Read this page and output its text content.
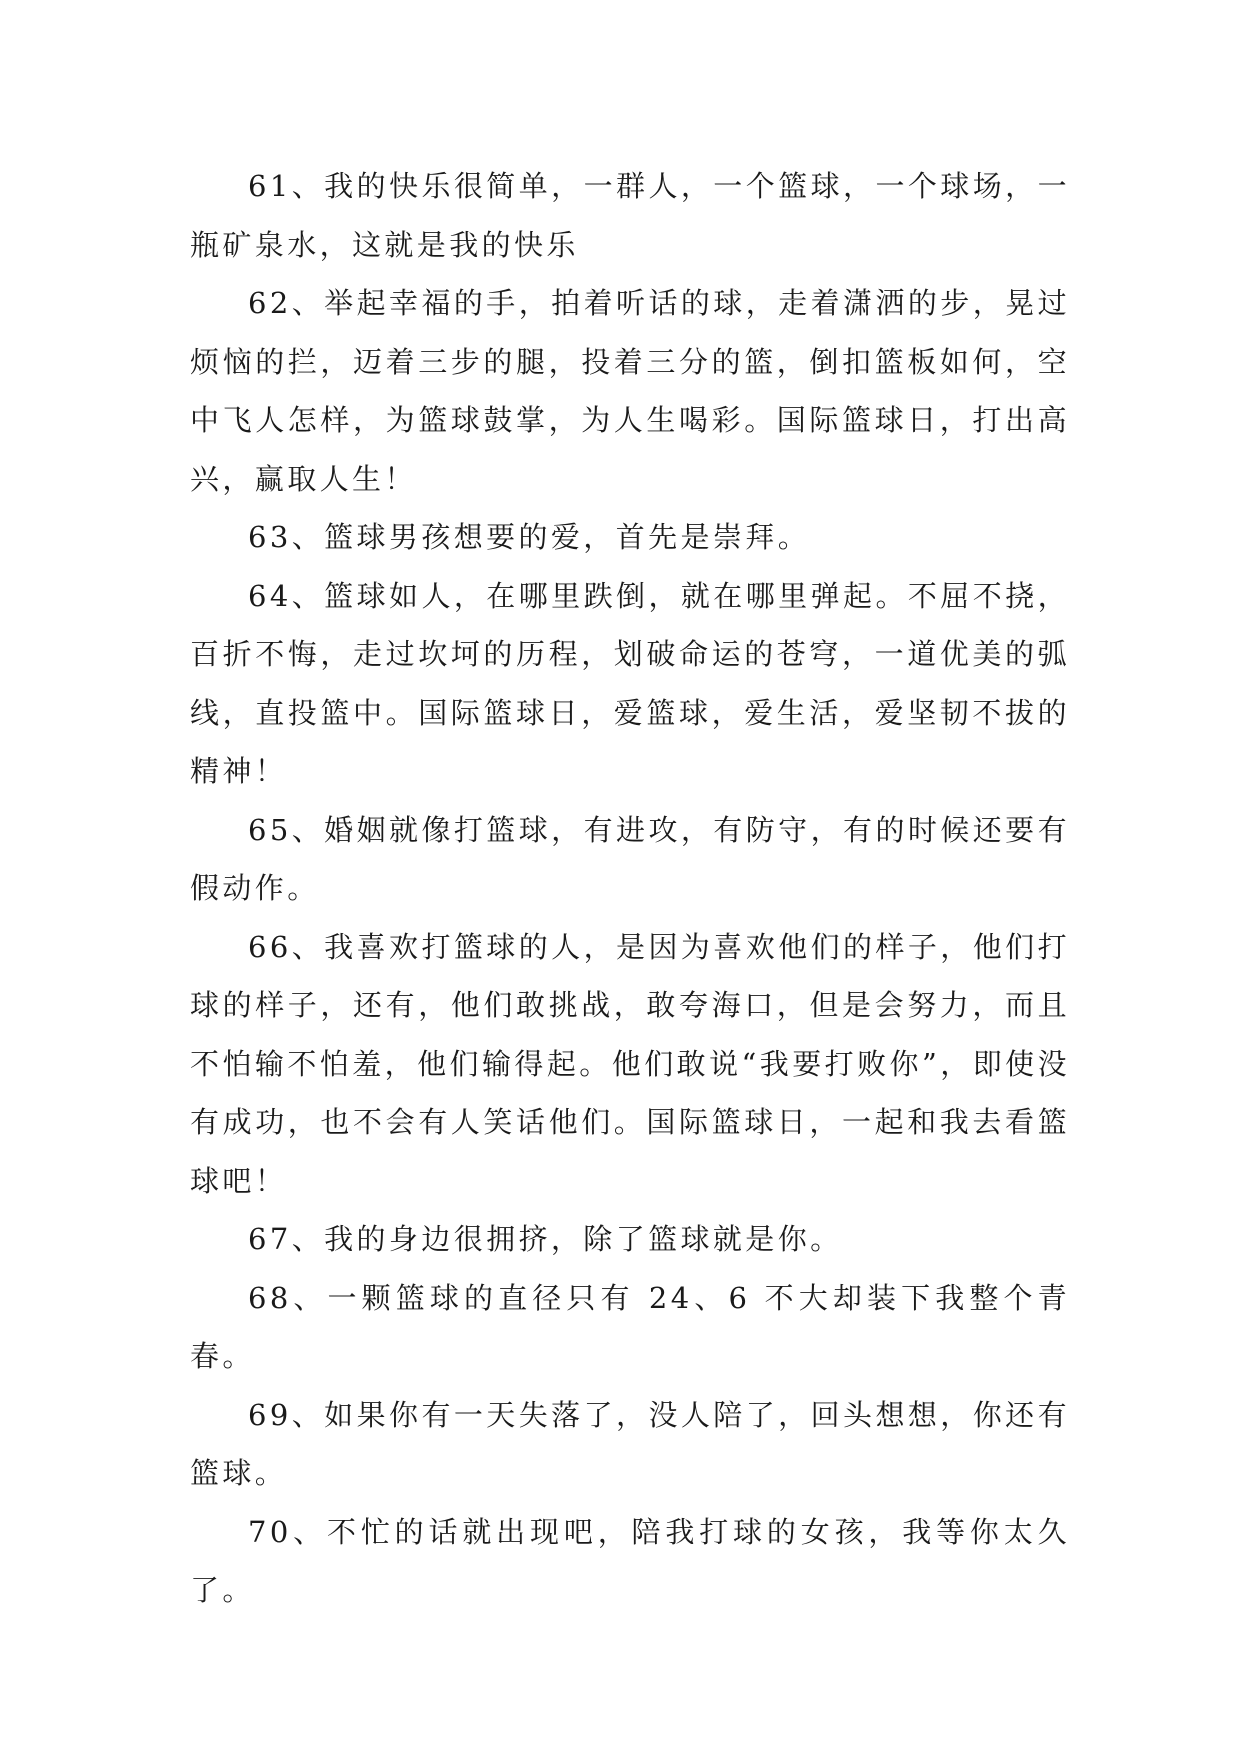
61、我的快乐很简单，一群人，一个篮球，一个球场，一瓶矿泉水，这就是我的快乐

62、举起幸福的手，拍着听话的球，走着潇洒的步，晃过烦恼的拦，迈着三步的腿，投着三分的篮，倒扣篮板如何，空中飞人怎样，为篮球鼓掌，为人生喝彩。国际篮球日，打出高兴，赢取人生！

63、篮球男孩想要的爱，首先是崇拜。

64、篮球如人，在哪里跌倒，就在哪里弹起。不屈不挠，百折不悔，走过坎坷的历程，划破命运的苍穹，一道优美的弧线，直投篮中。国际篮球日，爱篮球，爱生活，爱坚韧不拔的精神！

65、婚姻就像打篮球，有进攻，有防守，有的时候还要有假动作。

66、我喜欢打篮球的人，是因为喜欢他们的样子，他们打球的样子，还有，他们敢挑战，敢夸海口，但是会努力，而且不怕输不怕羞，他们输得起。他们敢说“我要打败你”，即使没有成功，也不会有人笑话他们。国际篮球日，一起和我去看篮球吧！

67、我的身边很拥挤，除了篮球就是你。

68、一颗篮球的直径只有 24、6 不大却装下我整个青春。

69、如果你有一天失落了，没人陪了，回头想想，你还有篮球。

70、不忙的话就出现吧，陪我打球的女孩，我等你太久了。
